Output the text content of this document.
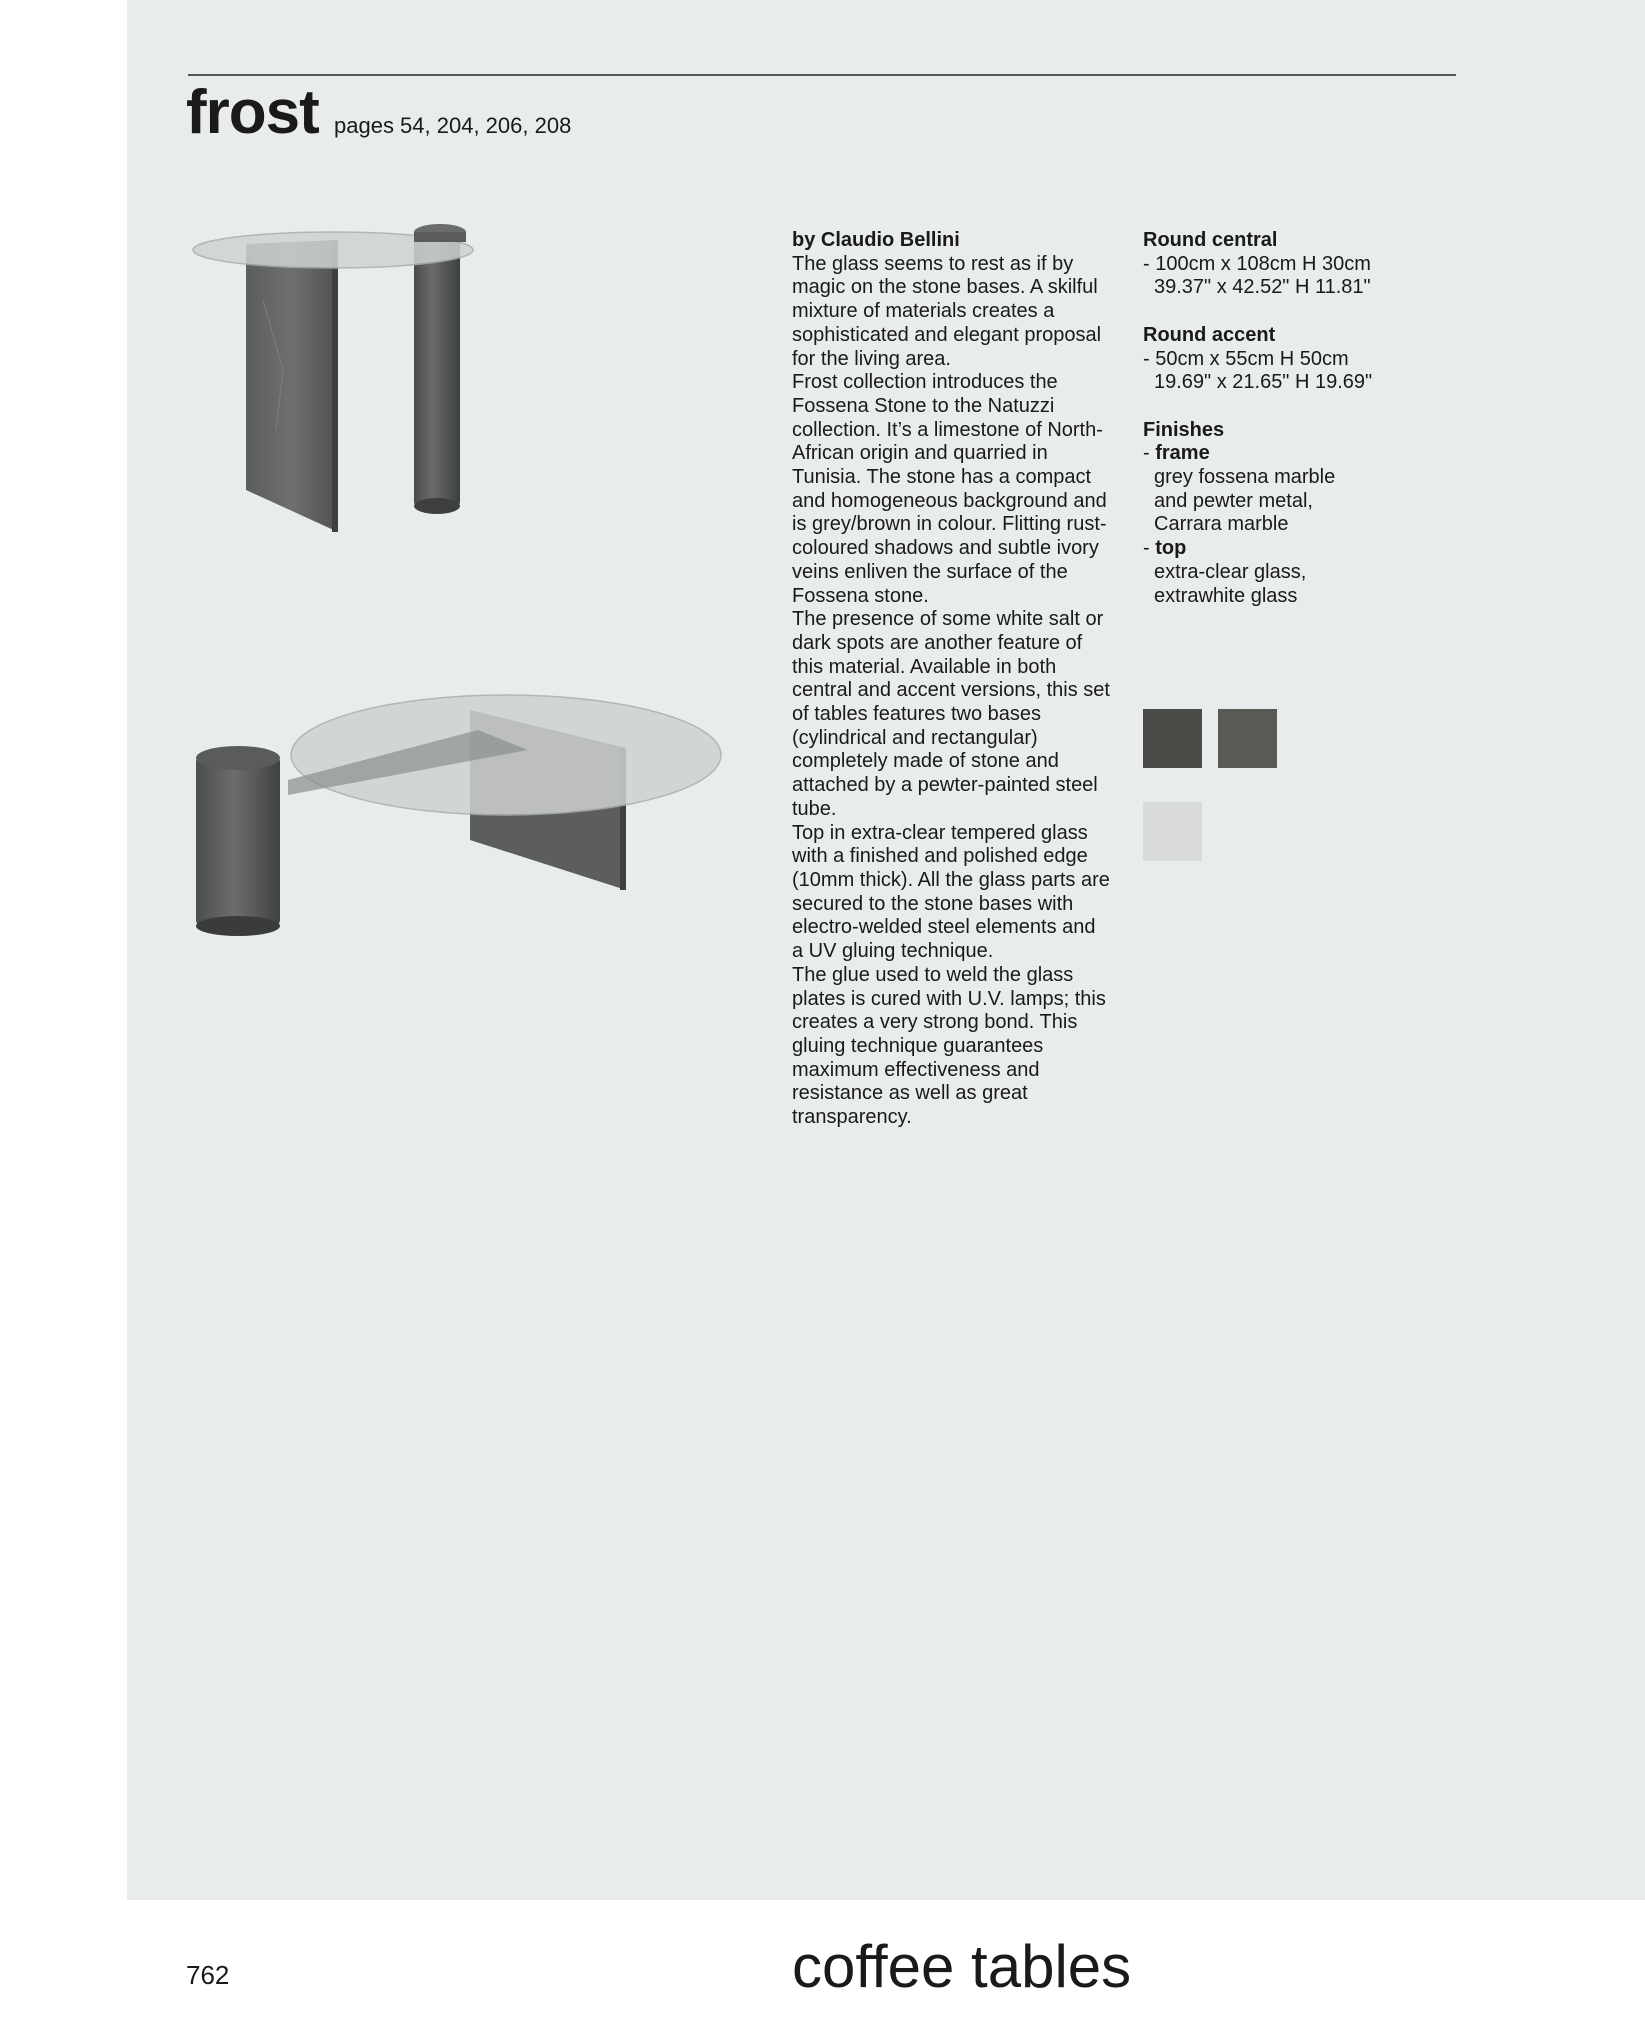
frost pages 54, 204, 206, 208

by Claudio Bellini

The glass seems to rest as if by magic on the stone bases. A skilful mixture of materials creates a sophisticated and elegant proposal for the living area.

Frost collection introduces the Fossena Stone to the Natuzzi collection. It’s a limestone of North-African origin and quarried in Tunisia. The stone has a compact and homogeneous background and is grey/brown in colour. Flitting rust-coloured shadows and subtle ivory veins enliven the surface of the Fossena stone.

The presence of some white salt or dark spots are another feature of this material. Available in both central and accent versions, this set of tables features two bases (cylindrical and rectangular) completely made of stone and attached by a pewter-painted steel tube.

Top in extra-clear tempered glass with a finished and polished edge (10mm thick). All the glass parts are secured to the stone bases with electro-welded steel elements and a UV gluing technique.

The glue used to weld the glass plates is cured with U.V. lamps; this creates a very strong bond. This gluing technique guarantees maximum effectiveness and resistance as well as great transparency.

Round central
- 100cm x 108cm H 30cm
39.37" x 42.52" H 11.81"
Round accent
- 50cm x 55cm H 50cm
19.69" x 21.65" H 19.69"
Finishes
- frame
grey fossena marble
and pewter metal,
Carrara marble
- top
extra-clear glass,
extrawhite glass
762	coffee tables
